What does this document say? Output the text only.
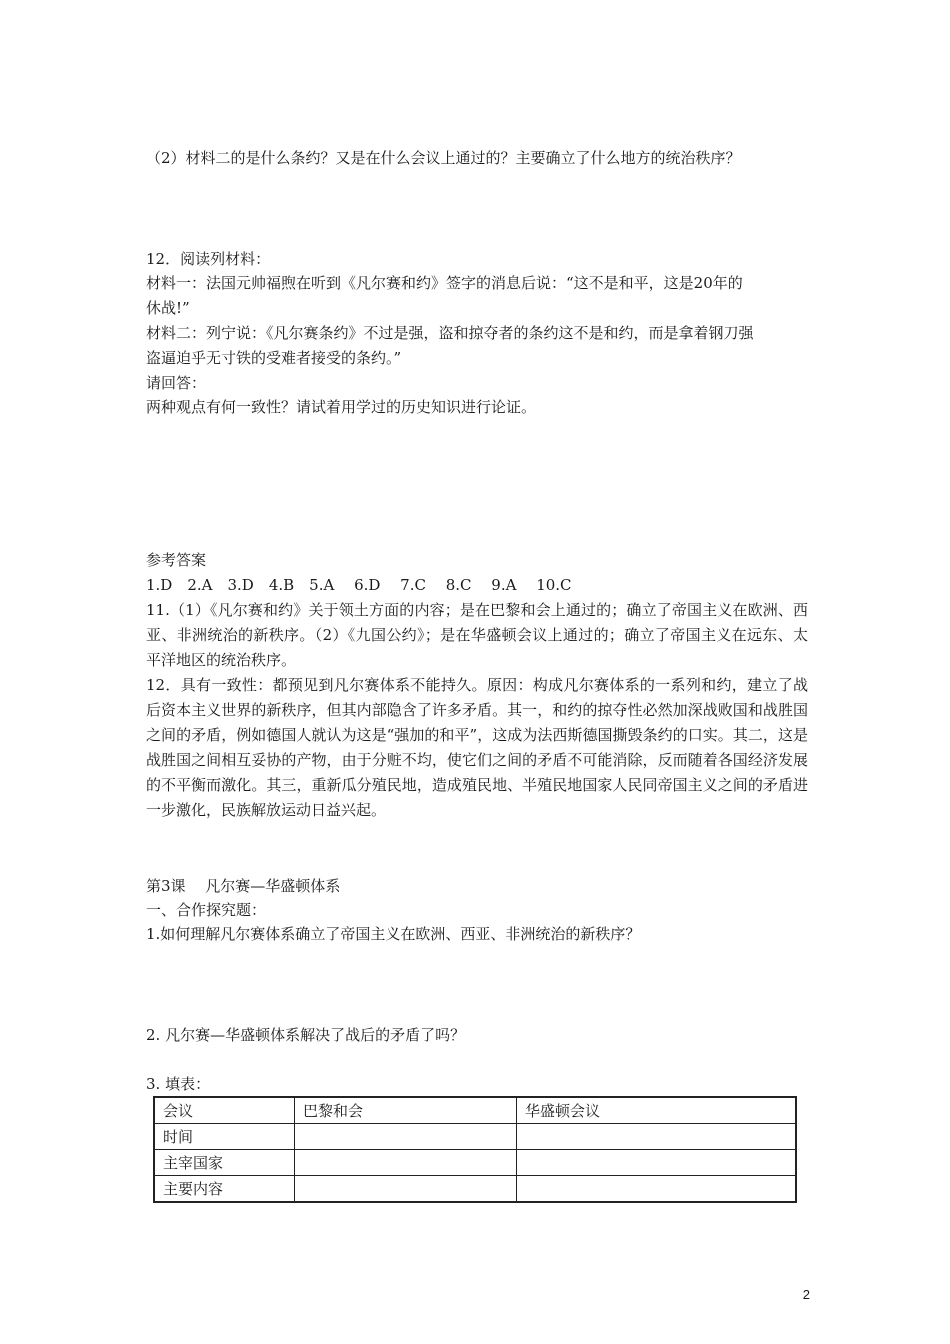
（2）材料二的是什么条约？又是在什么会议上通过的？主要确立了什么地方的统治秩序？
12．阅读列材料：
材料一：法国元帅福煦在听到《凡尔赛和约》签字的消息后说：“这不是和平，这是20年的
休战!”
材料二：列宁说：《凡尔赛条约》不过是强，盗和掠夺者的条约这不是和约，而是拿着钢刀强
盗逼迫乎无寸铁的受难者接受的条约。”
请回答：
两种观点有何一致性？请试着用学过的历史知识进行论证。
参考答案
1.D　2.A　3.D　4.B　5.A　 6.D　 7.C　 8.C　 9.A　 10.C
11.（1）《凡尔赛和约》关于领土方面的内容；是在巴黎和会上通过的；确立了帝国主义在欧洲、西亚、非洲统治的新秩序。（2）《九国公约》；是在华盛顿会议上通过的；确立了帝国主义在远东、太平洋地区的统治秩序。
12．具有一致性：都预见到凡尔赛体系不能持久。原因：构成凡尔赛体系的一系列和约，建立了战后资本主义世界的新秩序，但其内部隐含了许多矛盾。其一，和约的掠夺性必然加深战败国和战胜国之间的矛盾，例如德国人就认为这是“强加的和平”，这成为法西斯德国撕毁条约的口实。其二，这是战胜国之间相互妥协的产物，由于分赃不均，使它们之间的矛盾不可能消除，反而随着各国经济发展的不平衡而激化。其三，重新瓜分殖民地，造成殖民地、半殖民地国家人民同帝国主义之间的矛盾进一步激化，民族解放运动日益兴起。
第3课　 凡尔赛—华盛顿体系
一、合作探究题：
1.如何理解凡尔赛体系确立了帝国主义在欧洲、西亚、非洲统治的新秩序？
2. 凡尔赛—华盛顿体系解决了战后的矛盾了吗？
3. 填表：
会议	巴黎和会	华盛顿会议
时间		
主宰国家		
主要内容		
2
